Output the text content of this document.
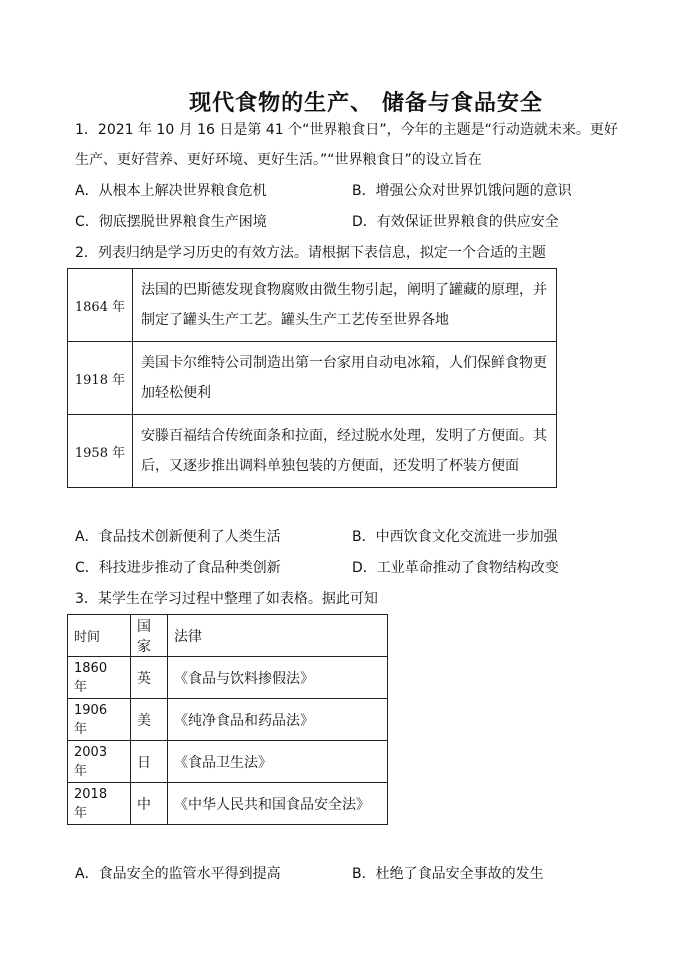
现代食物的生产、 储备与食品安全
1．2021 年 10 月 16 日是第 41 个“世界粮食日”，今年的主题是“行动造就未来。更好
生产、更好营养、更好环境、更好生活。”“世界粮食日”的设立旨在
A．从根本上解决世界粮食危机	B．增强公众对世界饥饿问题的意识
C．彻底摆脱世界粮食生产困境	D．有效保证世界粮食的供应安全
2．列表归纳是学习历史的有效方法。请根据下表信息，拟定一个合适的主题
1864 年	法国的巴斯德发现食物腐败由微生物引起，阐明了罐藏的原理，并
制定了罐头生产工艺。罐头生产工艺传至世界各地

1918 年	美国卡尔维特公司制造出第一台家用自动电冰箱，人们保鲜食物更
加轻松便利

1958 年	安滕百福结合传统面条和拉面，经过脱水处理，发明了方便面。其
后，又逐步推出调料单独包装的方便面，还发明了杯装方便面
A．食品技术创新便利了人类生活	B．中西饮食文化交流进一步加强
C．科技进步推动了食品种类创新	D．工业革命推动了食物结构改变
3．某学生在学习过程中整理了如表格。据此可知
时间	国家	法律
1860 年	英	《食品与饮料掺假法》
1906 年	美	《纯净食品和药品法》
2003 年	日	《食品卫生法》
2018 年	中	《中华人民共和国食品安全法》
A．食品安全的监管水平得到提高	B．杜绝了食品安全事故的发生
